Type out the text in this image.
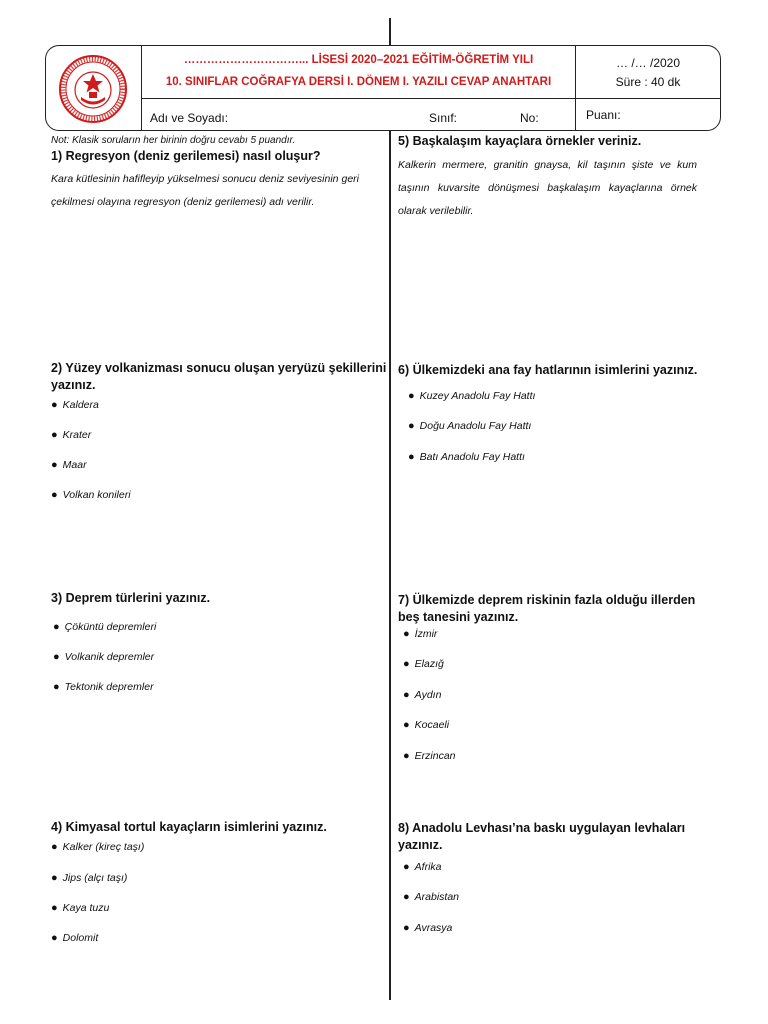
…………………………... LİSESİ 2020–2021 EĞİTİM-ÖĞRETİM YILI
10. SINIFLAR COĞRAFYA DERSİ I. DÖNEM I. YAZILI CEVAP ANAHTARI
… /… /2020
Süre : 40 dk
Adı ve Soyadı:	Sınıf:	No:	Puanı:
Not: Klasik soruların her birinin doğru cevabı 5 puandır.
1) Regresyon (deniz gerilemesi) nasıl oluşur?
Kara kütlesinin hafifleyip yükselmesi sonucu deniz seviyesinin geri çekilmesi olayına regresyon (deniz gerilemesi) adı verilir.
2) Yüzey volkanizması sonucu oluşan yeryüzü şekillerini
yazınız.
● Kaldera
● Krater
● Maar
● Volkan konileri
3) Deprem türlerini yazınız.
● Çöküntü depremleri
● Volkanik depremler
● Tektonik depremler
4) Kimyasal tortul kayaçların isimlerini yazınız.
● Kalker (kireç taşı)
● Jips (alçı taşı)
● Kaya tuzu
● Dolomit
5) Başkalaşım kayaçlara örnekler veriniz.
Kalkerin mermere, granitin gnaysa, kil taşının şiste ve kum taşının kuvarsite dönüşmesi başkalaşım kayaçlarına örnek olarak verilebilir.
6) Ülkemizdeki ana fay hatlarının isimlerini yazınız.
● Kuzey Anadolu Fay Hattı
● Doğu Anadolu Fay Hattı
● Batı Anadolu Fay Hattı
7) Ülkemizde deprem riskinin fazla olduğu illerden
beş tanesini yazınız.
● İzmir
● Elazığ
● Aydın
● Kocaeli
● Erzincan
8) Anadolu Levhası’na baskı uygulayan levhaları
yazınız.
● Afrika
● Arabistan
● Avrasya
